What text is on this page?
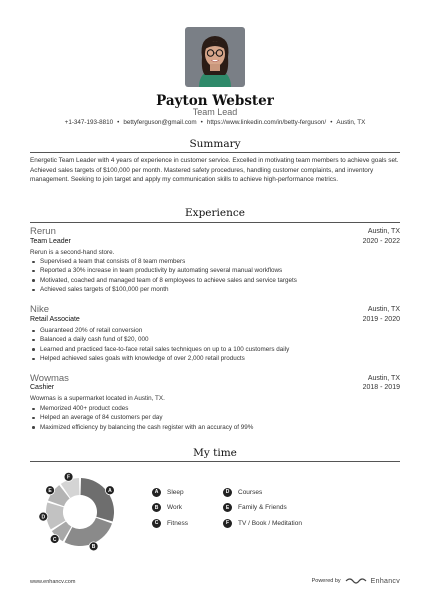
Payton Webster
Team Lead
+1-347-193-8810 • bettyferguson@gmail.com • https://www.linkedin.com/in/betty-ferguson/ • Austin, TX
Summary
Energetic Team Leader with 4 years of experience in customer service. Excelled in motivating team members to achieve goals set. Achieved sales targets of $100,000 per month. Mastered safety procedures, handling customer complaints, and inventory management. Seeking to join target and apply my communication skills to achieve high-performance metrics.
Experience
Rerun	Austin, TX
Team Leader	2020 - 2022
Rerun is a second-hand store.
Supervised a team that consists of 8 team members
Reported a 30% increase in team productivity by automating several manual workflows
Motivated, coached and managed team of 8 employees to achieve sales and service targets
Achieved sales targets of $100,000 per month
Nike	Austin, TX
Retail Associate	2019 - 2020
Guaranteed 20% of retail conversion
Balanced a daily cash fund of $20, 000
Learned and practiced face-to-face retail sales techniques on up to a 100 customers daily
Helped achieved sales goals with knowledge of over 2,000 retail products
Wowmas	Austin, TX
Cashier	2018 - 2019
Wowmas is a supermarket located in Austin, TX.
Memorized 400+ product codes
Helped an average of 84 customers per day
Maximized efficiency by balancing the cash register with an accuracy of 99%
My time
A
B
C
D
E
F
A	Sleep
B	Work
C	Fitness
D	Courses
E	Family & Friends
F	TV / Book / Meditation
www.enhancv.com	Powered by	Enhancv
